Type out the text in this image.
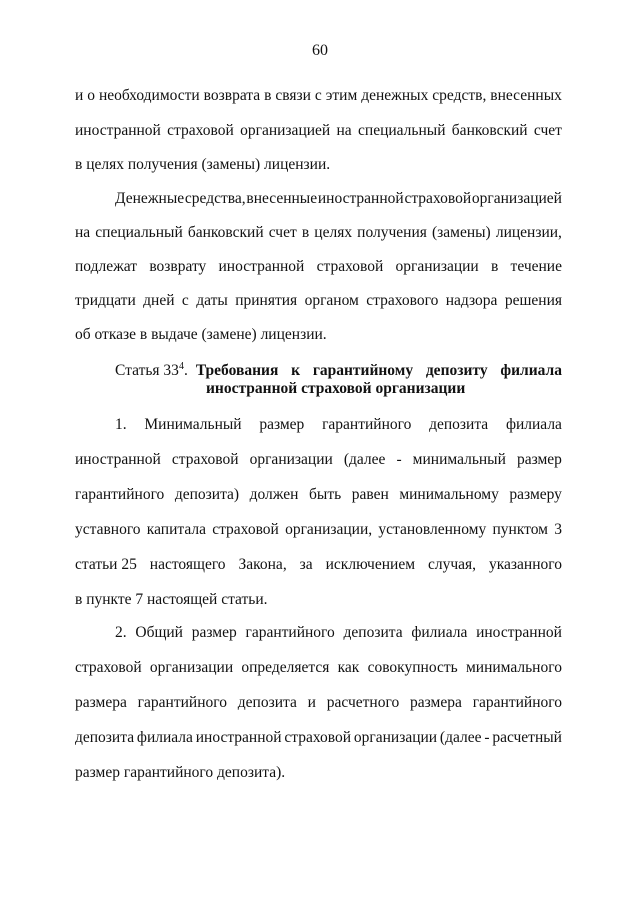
60
и о необходимости возврата в связи с этим денежных средств, внесенных
иностранной страховой организацией на специальный банковский счет
в целях получения (замены) лицензии.
Денежные средства, внесенные иностранной страховой организацией
на специальный банковский счет в целях получения (замены) лицензии,
подлежат возврату иностранной страховой организации в течение
тридцати дней с даты принятия органом страхового надзора решения
об отказе в выдаче (замене) лицензии.
Статья $33^4$. Требования к гарантийному депозиту филиала
иностранной страховой организации
1. Минимальный размер гарантийного депозита филиала
иностранной страховой организации (далее - минимальный размер
гарантийного депозита) должен быть равен минимальному размеру
уставного капитала страховой организации, установленному пунктом 3
статьи 25 настоящего Закона, за исключением случая, указанного
в пункте 7 настоящей статьи.
2. Общий размер гарантийного депозита филиала иностранной
страховой организации определяется как совокупность минимального
размера гарантийного депозита и расчетного размера гарантийного
депозита филиала иностранной страховой организации (далее - расчетный
размер гарантийного депозита).
